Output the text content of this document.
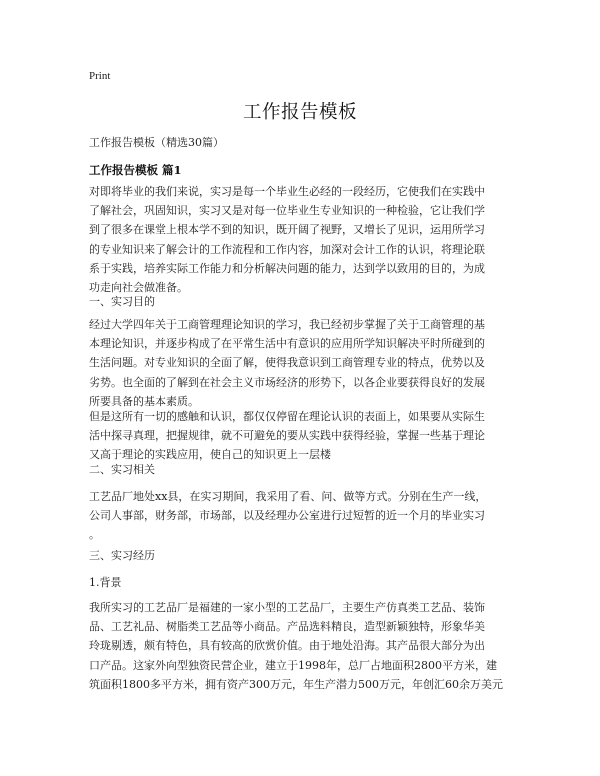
Print
工作报告模板
工作报告模板（精选30篇）
工作报告模板 篇1
对即将毕业的我们来说，实习是每一个毕业生必经的一段经历，它使我们在实践中
了解社会，巩固知识，实习又是对每一位毕业生专业知识的一种检验，它让我们学
到了很多在课堂上根本学不到的知识，既开阔了视野，又增长了见识，运用所学习
的专业知识来了解会计的工作流程和工作内容，加深对会计工作的认识，将理论联
系于实践，培养实际工作能力和分析解决问题的能力，达到学以致用的目的，为成
功走向社会做准备。
一、实习目的
经过大学四年关于工商管理理论知识的学习，我已经初步掌握了关于工商管理的基
本理论知识，并逐步构成了在平常生活中有意识的应用所学知识解决平时所碰到的
生活问题。对专业知识的全面了解，使得我意识到工商管理专业的特点，优势以及
劣势。也全面的了解到在社会主义市场经济的形势下，以各企业要获得良好的发展
所要具备的基本素质。
但是这所有一切的感触和认识，都仅仅停留在理论认识的表面上，如果要从实际生
活中探寻真理，把握规律，就不可避免的要从实践中获得经验，掌握一些基于理论
又高于理论的实践应用，使自己的知识更上一层楼
二、实习相关
工艺品厂地处xx县，在实习期间，我采用了看、问、做等方式。分别在生产一线，
公司人事部，财务部，市场部，以及经理办公室进行过短暂的近一个月的毕业实习
。
三、实习经历
1.背景
我所实习的工艺品厂是福建的一家小型的工艺品厂，主要生产仿真类工艺品、装饰
品、工艺礼品、树脂类工艺品等小商品。产品选料精良，造型新颖独特，形象华美
玲珑剔透，颇有特色，具有较高的欣赏价值。由于地处沿海。其产品很大部分为出
口产品。这家外向型独资民营企业，建立于1998年，总厂占地面积2800平方米，建
筑面积1800多平方米，拥有资产300万元，年生产潜力500万元，年创汇60余万美元
